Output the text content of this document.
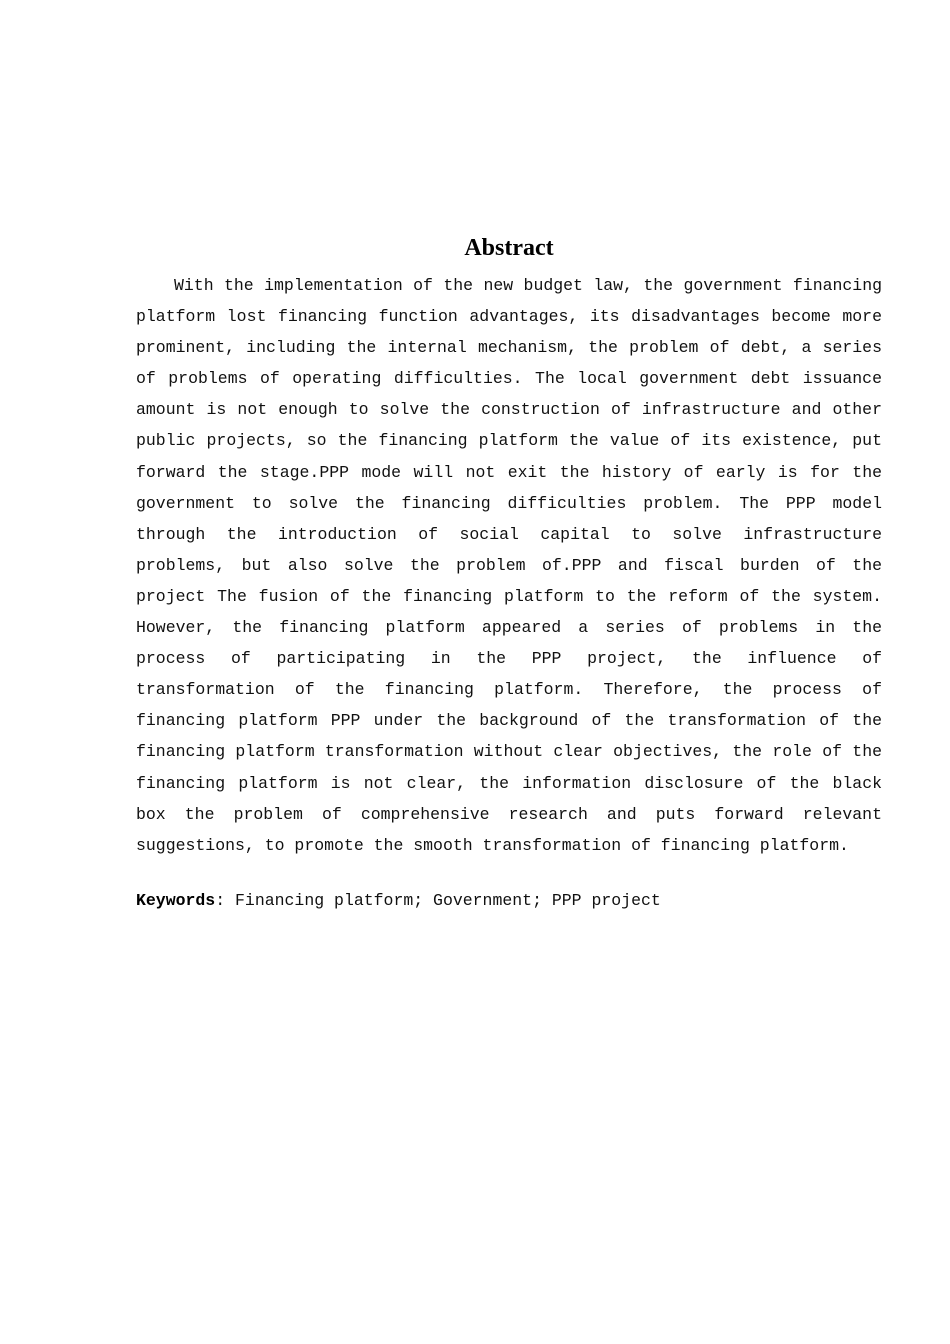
Abstract

With the implementation of the new budget law, the government financing platform lost financing function advantages, its disadvantages become more prominent, including the internal mechanism, the problem of debt, a series of problems of operating difficulties. The local government debt issuance amount is not enough to solve the construction of infrastructure and other public projects, so the financing platform the value of its existence, put forward the stage.PPP mode will not exit the history of early is for the government to solve the financing difficulties problem. The PPP model through the introduction of social capital to solve infrastructure problems, but also solve the problem of.PPP and fiscal burden of the project The fusion of the financing platform to the reform of the system. However, the financing platform appeared a series of problems in the process of participating in the PPP project, the influence of transformation of the financing platform. Therefore, the process of financing platform PPP under the background of the transformation of the financing platform transformation without clear objectives, the role of the financing platform is not clear, the information disclosure of the black box the problem of comprehensive research and puts forward relevant suggestions, to promote the smooth transformation of financing platform.

Keywords: Financing platform; Government; PPP project
